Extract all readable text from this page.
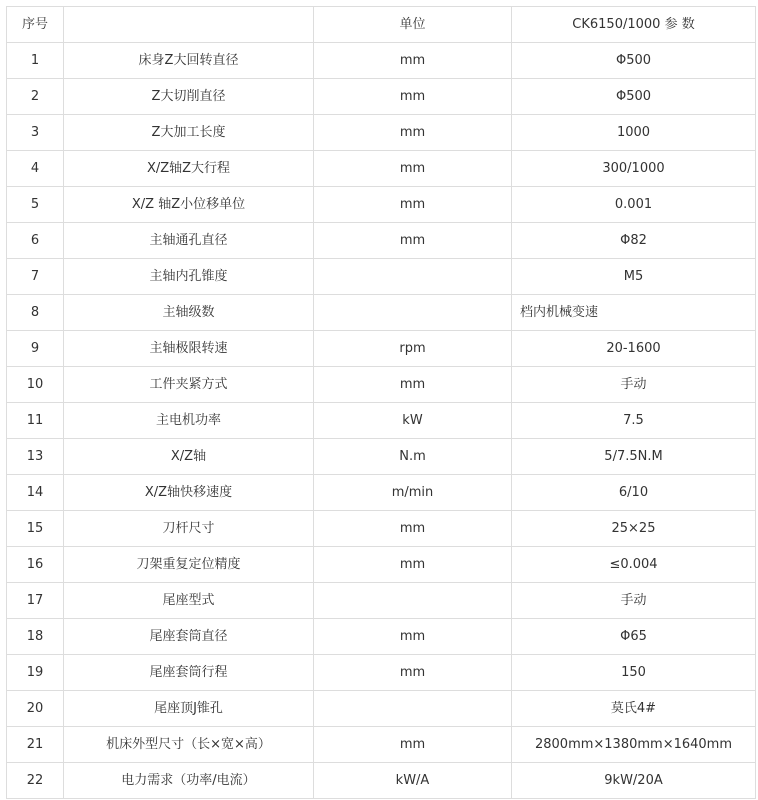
序号		单位	CK6150/1000 参 数
1	床身Z大回转直径	mm	Φ500
2	Z大切削直径	mm	Φ500
3	Z大加工长度	mm	1000
4	X/Z轴Z大行程	mm	300/1000
5	X/Z 轴Z小位移单位	mm	0.001
6	主轴通孔直径	mm	Φ82
7	主轴内孔锥度		M5
8	主轴级数		档内机械变速
9	主轴极限转速	rpm	20-1600
10	工件夹紧方式	mm	手动
11	主电机功率	kW	7.5
13	X/Z轴	N.m	5/7.5N.M
14	X/Z轴快移速度	m/min	6/10
15	刀杆尺寸	mm	25×25
16	刀架重复定位精度	mm	≤0.004
17	尾座型式		手动
18	尾座套筒直径	mm	Φ65
19	尾座套筒行程	mm	150
20	尾座顶J锥孔		莫氏4#
21	机床外型尺寸（长×宽×高）	mm	2800mm×1380mm×1640mm
22	电力需求（功率/电流）	kW/A	9kW/20A
